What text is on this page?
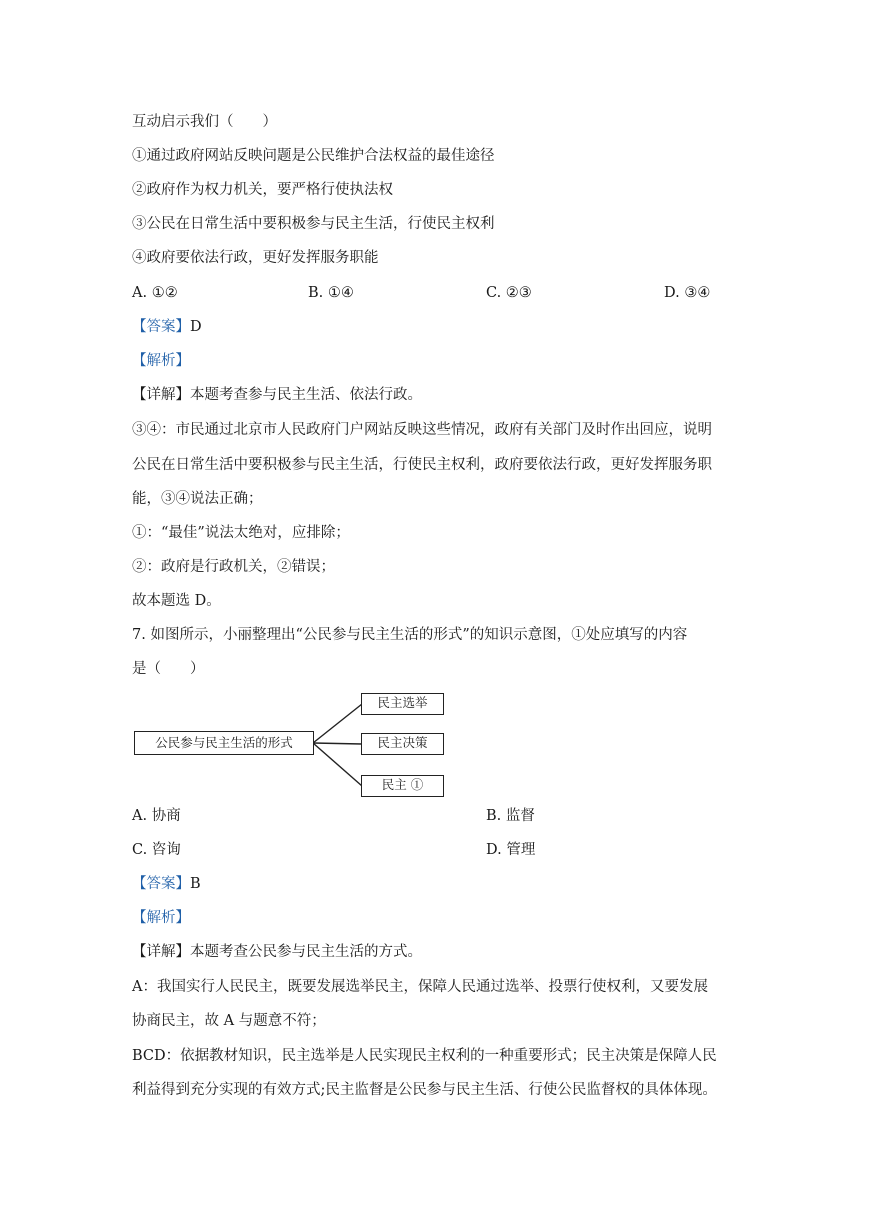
互动启示我们（　　）
①通过政府网站反映问题是公民维护合法权益的最佳途径
②政府作为权力机关，要严格行使执法权
③公民在日常生活中要积极参与民主生活，行使民主权利
④政府要依法行政，更好发挥服务职能
A. ①②	B. ①④	C. ②③	D. ③④
【答案】D
【解析】
【详解】本题考查参与民主生活、依法行政。
③④：市民通过北京市人民政府门户网站反映这些情况，政府有关部门及时作出回应，说明
公民在日常生活中要积极参与民主生活，行使民主权利，政府要依法行政，更好发挥服务职
能，③④说法正确；
①：“最佳”说法太绝对，应排除；
②：政府是行政机关，②错误；
故本题选 D。
7. 如图所示，小丽整理出“公民参与民主生活的形式”的知识示意图，①处应填写的内容
是（　　）
公民参与民主生活的形式
民主选举
民主决策
民主 ①
A. 协商	B. 监督
C. 咨询	D. 管理
【答案】B
【解析】
【详解】本题考查公民参与民主生活的方式。
A：我国实行人民民主，既要发展选举民主，保障人民通过选举、投票行使权利，又要发展
协商民主，故 A 与题意不符；
BCD：依据教材知识，民主选举是人民实现民主权利的一种重要形式；民主决策是保障人民
利益得到充分实现的有效方式;民主监督是公民参与民主生活、行使公民监督权的具体体现。
